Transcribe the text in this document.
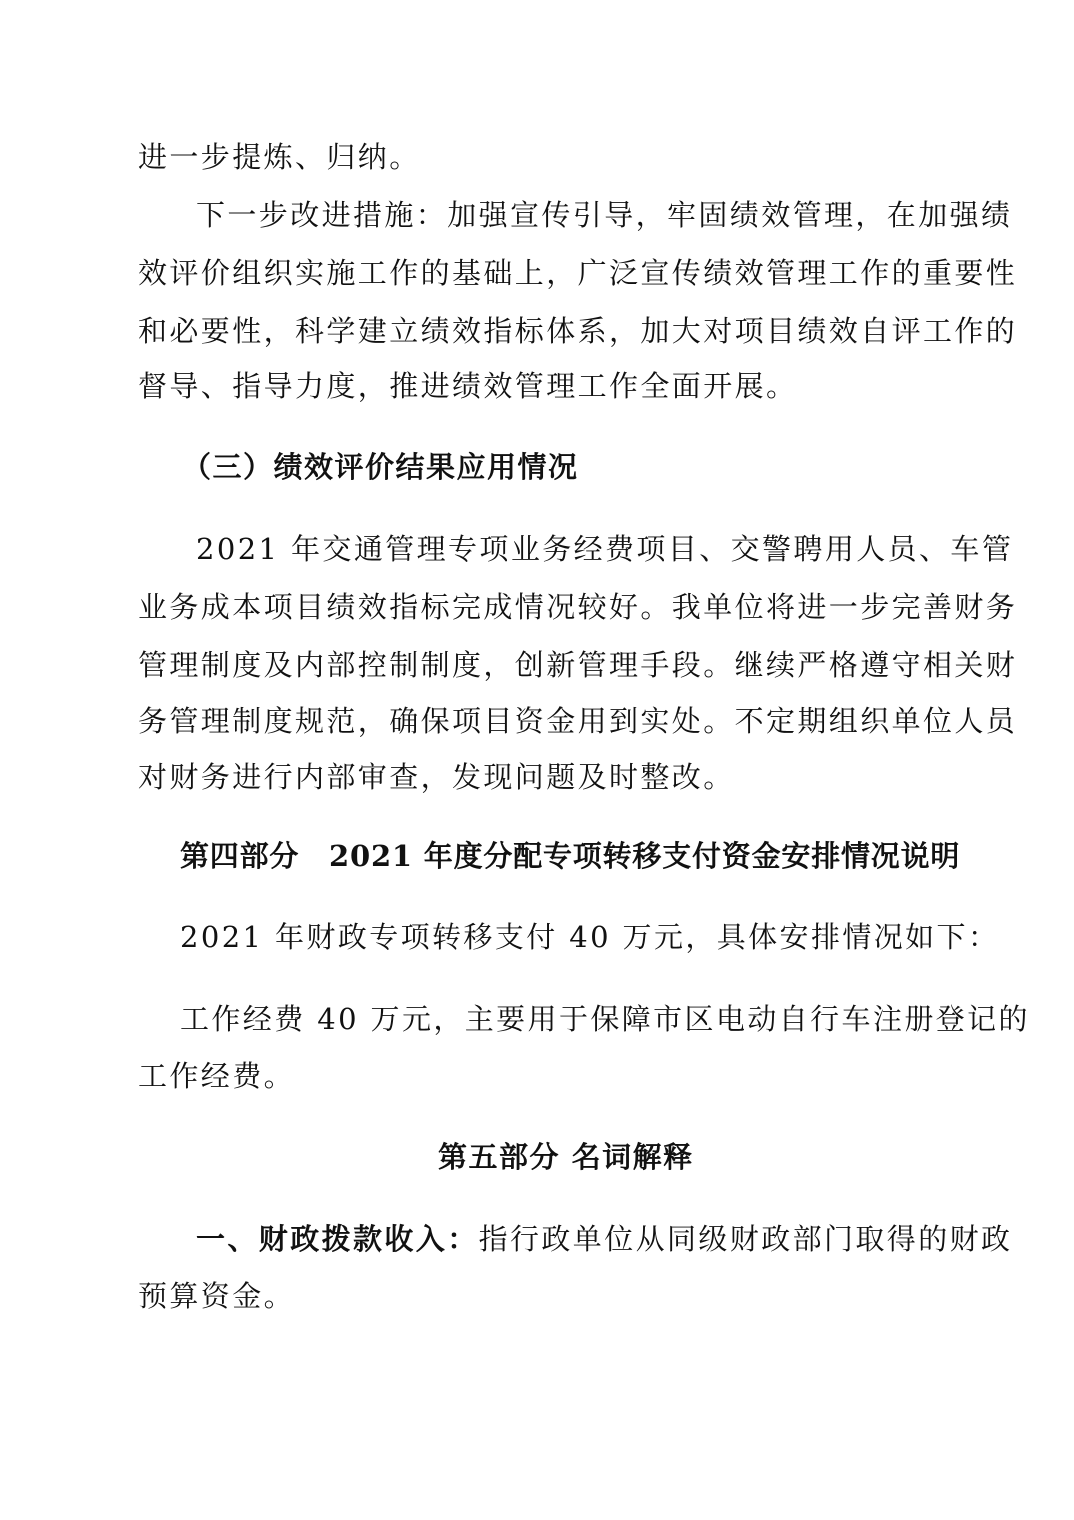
进一步提炼、归纳。
下一步改进措施：加强宣传引导，牢固绩效管理，在加强绩
效评价组织实施工作的基础上，广泛宣传绩效管理工作的重要性
和必要性，科学建立绩效指标体系，加大对项目绩效自评工作的
督导、指导力度，推进绩效管理工作全面开展。
（三）绩效评价结果应用情况
2021 年交通管理专项业务经费项目、交警聘用人员、车管
业务成本项目绩效指标完成情况较好。我单位将进一步完善财务
管理制度及内部控制制度，创新管理手段。继续严格遵守相关财
务管理制度规范，确保项目资金用到实处。不定期组织单位人员
对财务进行内部审查，发现问题及时整改。
第四部分　2021 年度分配专项转移支付资金安排情况说明
2021 年财政专项转移支付 40 万元，具体安排情况如下：
工作经费 40 万元，主要用于保障市区电动自行车注册登记的
工作经费。
第五部分 名词解释
一、财政拨款收入：指行政单位从同级财政部门取得的财政
预算资金。
